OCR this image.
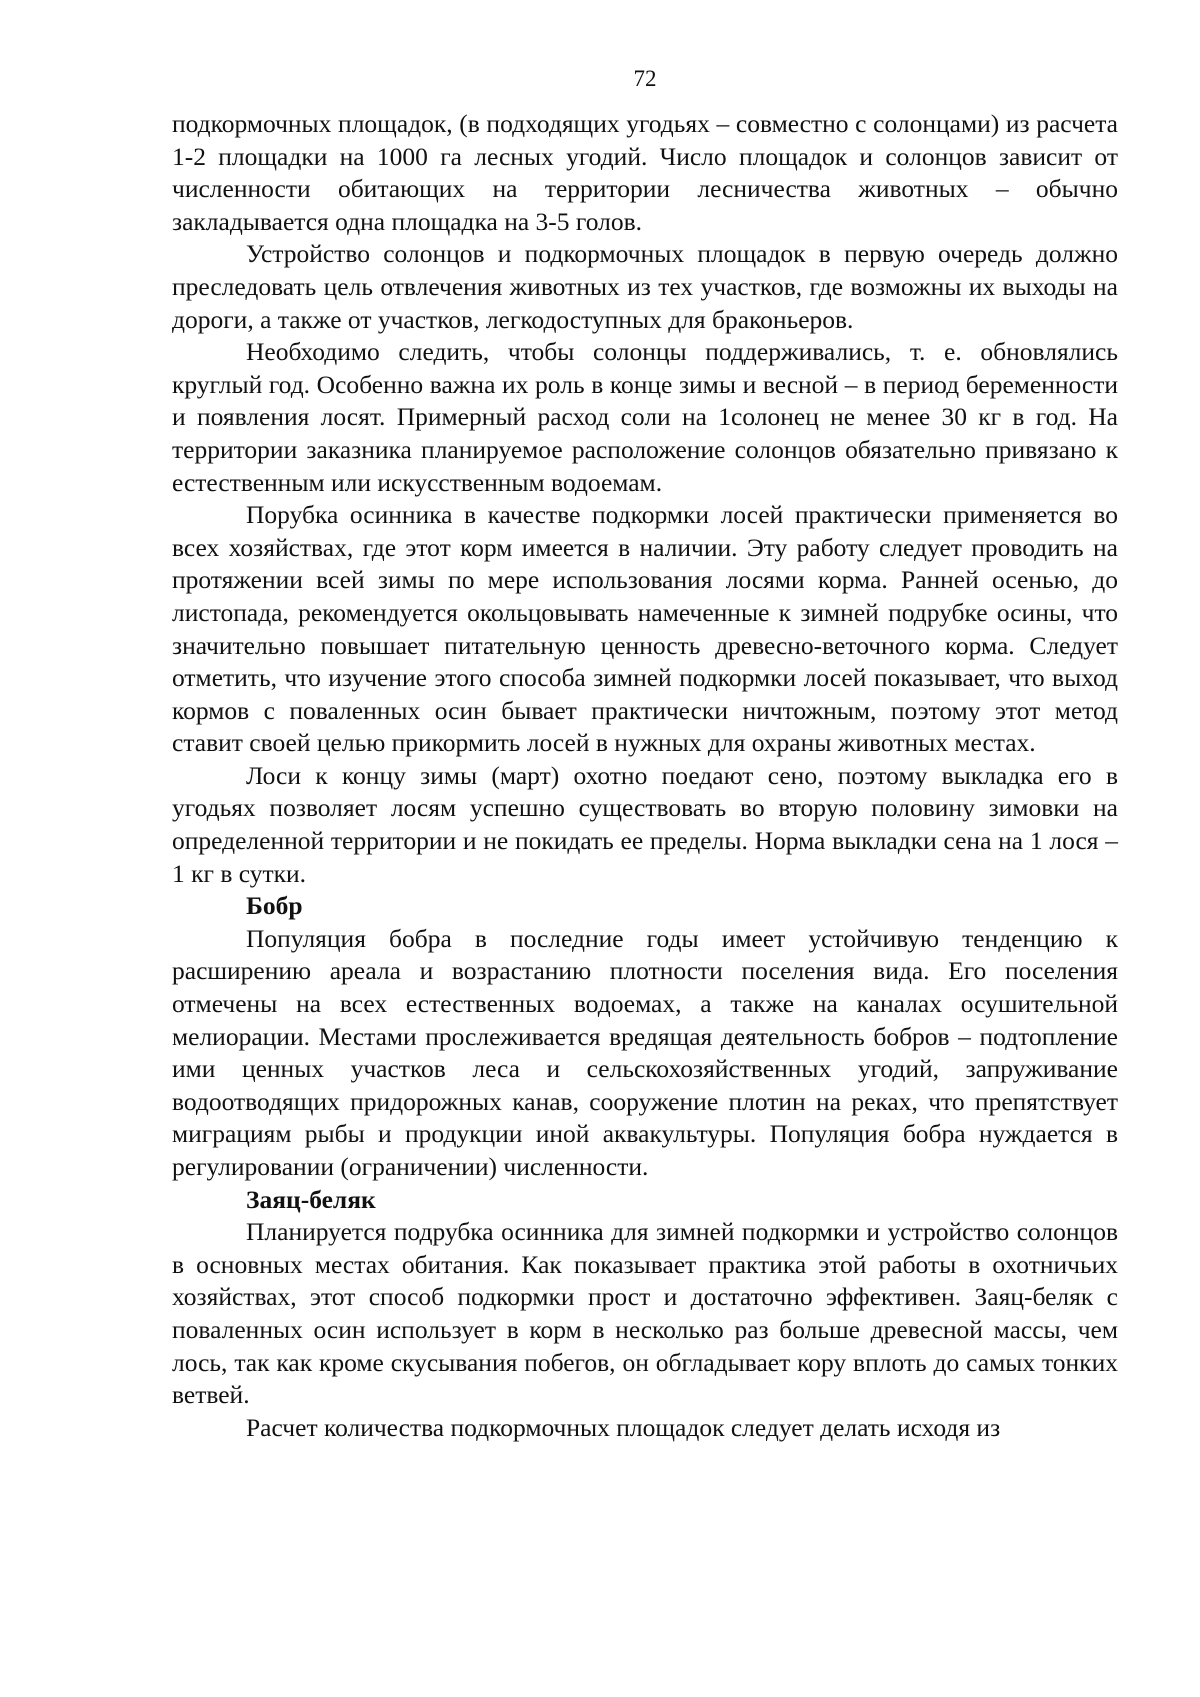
72

подкормочных площадок, (в подходящих угодьях – совместно с солонцами) из расчета 1-2 площадки на 1000 га лесных угодий. Число площадок и солонцов зависит от численности обитающих на территории лесничества животных – обычно закладывается одна площадка на 3-5 голов.

Устройство солонцов и подкормочных площадок в первую очередь должно преследовать цель отвлечения животных из тех участков, где возможны их выходы на дороги, а также от участков, легкодоступных для браконьеров.

Необходимо следить, чтобы солонцы поддерживались, т. е. обновлялись круглый год. Особенно важна их роль в конце зимы и весной – в период беременности и появления лосят. Примерный расход соли на 1солонец не менее 30 кг в год. На территории заказника планируемое расположение солонцов обязательно привязано к естественным или искусственным водоемам.

Порубка осинника в качестве подкормки лосей практически применяется во всех хозяйствах, где этот корм имеется в наличии. Эту работу следует проводить на протяжении всей зимы по мере использования лосями корма. Ранней осенью, до листопада, рекомендуется окольцовывать намеченные к зимней подрубке осины, что значительно повышает питательную ценность древесно-веточного корма. Следует отметить, что изучение этого способа зимней подкормки лосей показывает, что выход кормов с поваленных осин бывает практически ничтожным, поэтому этот метод ставит своей целью прикормить лосей в нужных для охраны животных местах.

Лоси к концу зимы (март) охотно поедают сено, поэтому выкладка его в угодьях позволяет лосям успешно существовать во вторую половину зимовки на определенной территории и не покидать ее пределы. Норма выкладки сена на 1 лося – 1 кг в сутки.

Бобр

Популяция бобра в последние годы имеет устойчивую тенденцию к расширению ареала и возрастанию плотности поселения вида. Его поселения отмечены на всех естественных водоемах, а также на каналах осушительной мелиорации. Местами прослеживается вредящая деятельность бобров – подтопление ими ценных участков леса и сельскохозяйственных угодий, запруживание водоотводящих придорожных канав, сооружение плотин на реках, что препятствует миграциям рыбы и продукции иной аквакультуры. Популяция бобра нуждается в регулировании (ограничении) численности.

Заяц-беляк

Планируется подрубка осинника для зимней подкормки и устройство солонцов в основных местах обитания. Как показывает практика этой работы в охотничьих хозяйствах, этот способ подкормки прост и достаточно эффективен. Заяц-беляк с поваленных осин использует в корм в несколько раз больше древесной массы, чем лось, так как кроме скусывания побегов, он обгладывает кору вплоть до самых тонких ветвей.

Расчет количества подкормочных площадок следует делать исходя из
